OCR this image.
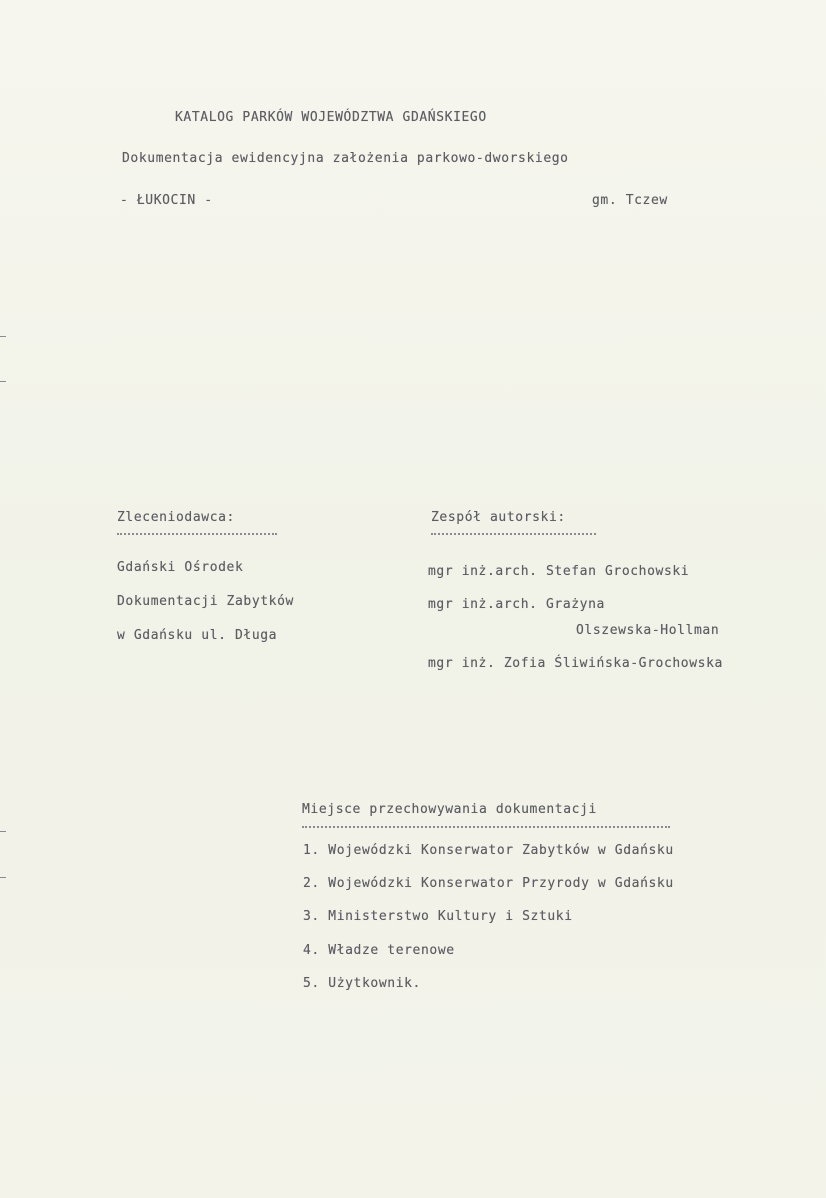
KATALOG PARKÓW WOJEWÓDZTWA GDAŃSKIEGO
Dokumentacja ewidencyjna założenia parkowo-dworskiego
- ŁUKOCIN -	gm. Tczew
Zleceniodawca:
Gdański Ośrodek
Dokumentacji Zabytków
w Gdańsku ul. Długa
Zespół autorski:
mgr inż.arch. Stefan Grochowski
mgr inż.arch. Grażyna
Olszewska-Hollman
mgr inż. Zofia Śliwińska-Grochowska
Miejsce przechowywania dokumentacji
1. Wojewódzki Konserwator Zabytków w Gdańsku
2. Wojewódzki Konserwator Przyrody w Gdańsku
3. Ministerstwo Kultury i Sztuki
4. Władze terenowe
5. Użytkownik.
